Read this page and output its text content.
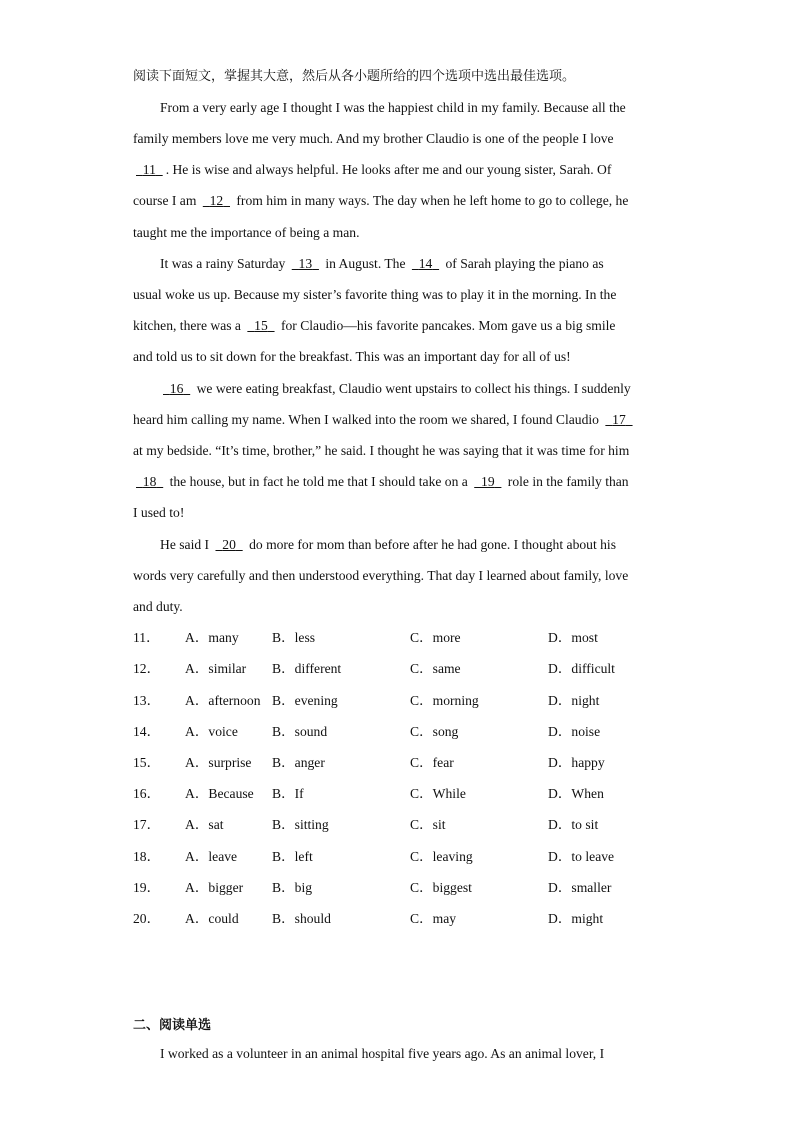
阅读下面短文，掌握其大意，然后从各小题所给的四个选项中选出最佳选项。
From a very early age I thought I was the happiest child in my family. Because all the
family members love me very much. And my brother Claudio is one of the people I love
11 . He is wise and always helpful. He looks after me and our young sister, Sarah. Of
course I am   12   from him in many ways. The day when he left home to go to college, he
taught me the importance of being a man.
It was a rainy Saturday   13   in August. The   14   of Sarah playing the piano as
usual woke us up. Because my sister’s favorite thing was to play it in the morning. In the
kitchen, there was a   15   for Claudio—his favorite pancakes. Mom gave us a big smile
and told us to sit down for the breakfast. This was an important day for all of us!
16   we were eating breakfast, Claudio went upstairs to collect his things. I suddenly
heard him calling my name. When I walked into the room we shared, I found Claudio   17
at my bedside. “It’s time, brother,” he said. I thought he was saying that it was time for him
18   the house, but in fact he told me that I should take on a   19   role in the family than
I used to!
He said I   20   do more for mom than before after he had gone. I thought about his
words very carefully and then understood everything. That day I learned about family, love
and duty.
11． A．many B．less	C．more	D．most
12． A．similar B．different	C．same	D．difficult
13． A．afternoon B．evening	C．morning	D．night
14． A．voice	B．sound	C．song	D．noise
15． A．surprise B．anger	C．fear	D．happy
16． A．Because B．If	C．While	D．When
17． A．sat	B．sitting	C．sit	D．to sit
18． A．leave	B．left	C．leaving	D．to leave
19． A．bigger B．big	C．biggest	D．smaller
20． A．could B．should	C．may	D．might
二、阅读单选
I worked as a volunteer in an animal hospital five years ago. As an animal lover, I
